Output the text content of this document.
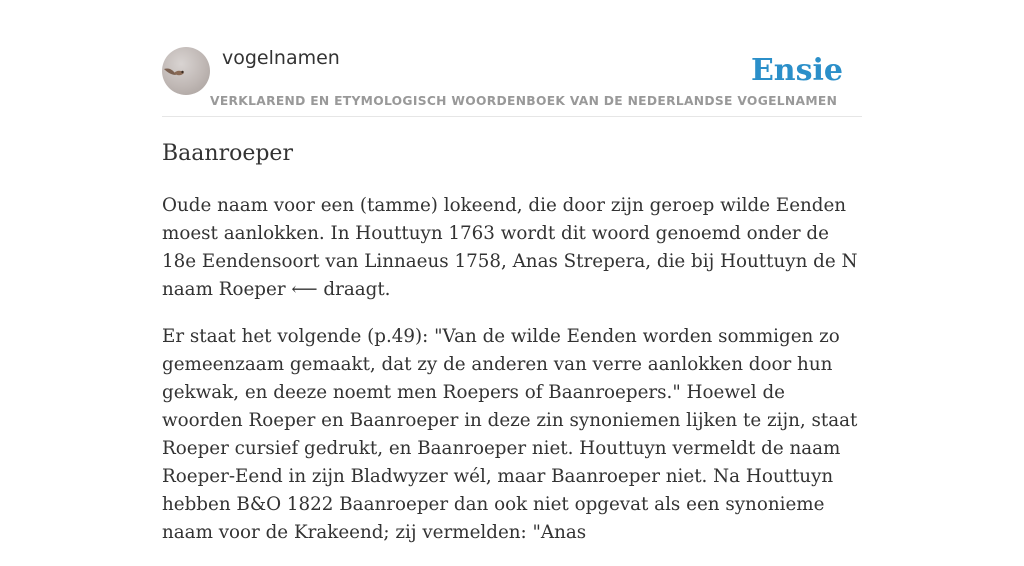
vogelnamen
VERKLAREND EN ETYMOLOGISCH WOORDENBOEK VAN DE NEDERLANDSE VOGELNAMEN
Ensie
Baanroeper

Oude naam voor een (tamme) lokeend, die door zijn geroep wilde Eenden moest aanlokken. In Houttuyn 1763 wordt dit woord genoemd onder de 18e Eendensoort van Linnaeus 1758, Anas Strepera, die bij Houttuyn de N naam Roeper ⟵ draagt.

Er staat het volgende (p.49): "Van de wilde Eenden worden sommigen zo gemeenzaam gemaakt, dat zy de anderen van verre aanlokken door hun gekwak, en deeze noemt men Roepers of Baanroepers." Hoewel de woorden Roeper en Baanroeper in deze zin synoniemen lijken te zijn, staat Roeper cursief gedrukt, en Baanroeper niet. Houttuyn vermeldt de naam Roeper-Eend in zijn Bladwyzer wél, maar Baanroeper niet. Na Houttuyn hebben B&O 1822 Baanroeper dan ook niet opgevat als een synonieme naam voor de Krakeend; zij vermelden: "Anas
